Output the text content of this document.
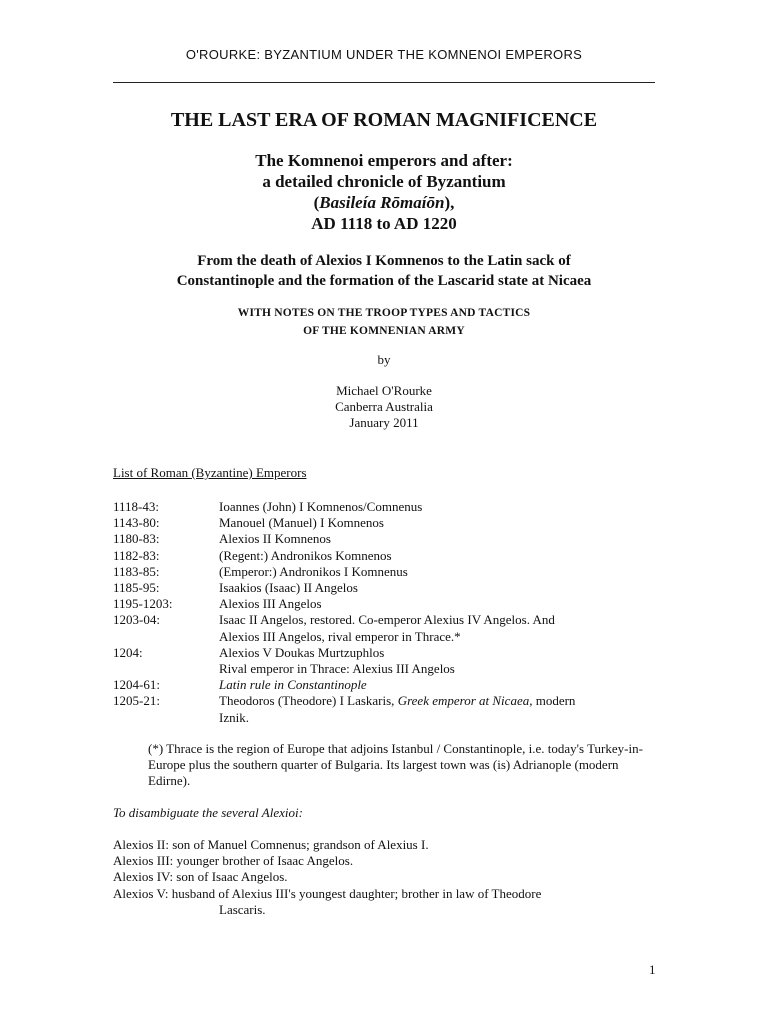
O'ROURKE: BYZANTIUM UNDER THE KOMNENOI EMPERORS
THE LAST ERA OF ROMAN MAGNIFICENCE
The Komnenoi emperors and after:
a detailed chronicle of Byzantium
(Basileía Rōmaíōn),
AD 1118 to AD 1220
From the death of Alexios I Komnenos to the Latin sack of
Constantinople and the formation of the Lascarid state at Nicaea
WITH NOTES ON THE TROOP TYPES AND TACTICS
OF THE KOMNENIAN ARMY
by
Michael O'Rourke
Canberra Australia
January 2011
List of Roman (Byzantine) Emperors
1118-43:	Ioannes (John) I Komnenos/Comnenus
1143-80:	Manouel (Manuel) I Komnenos
1180-83:	Alexios II Komnenos
1182-83:	(Regent:) Andronikos Komnenos
1183-85:	(Emperor:) Andronikos I Komnenus
1185-95:	Isaakios (Isaac) II Angelos
1195-1203:	Alexios III Angelos
1203-04:	Isaac II Angelos, restored. Co-emperor Alexius IV Angelos. And
Alexios III Angelos, rival emperor in Thrace.*
1204:	Alexios V Doukas Murtzuphlos
Rival emperor in Thrace: Alexius III Angelos
1204-61:	Latin rule in Constantinople
1205-21:	Theodoros (Theodore) I Laskaris, Greek emperor at Nicaea, modern
Iznik.
(*) Thrace is the region of Europe that adjoins Istanbul / Constantinople, i.e. today's Turkey-in-Europe plus the southern quarter of Bulgaria. Its largest town was (is) Adrianople (modern Edirne).
To disambiguate the several Alexioi:
Alexios II: son of Manuel Comnenus; grandson of Alexius I.
Alexios III: younger brother of Isaac Angelos.
Alexios IV: son of Isaac Angelos.
Alexios V: husband of Alexius III's youngest daughter; brother in law of Theodore
Lascaris.
1
